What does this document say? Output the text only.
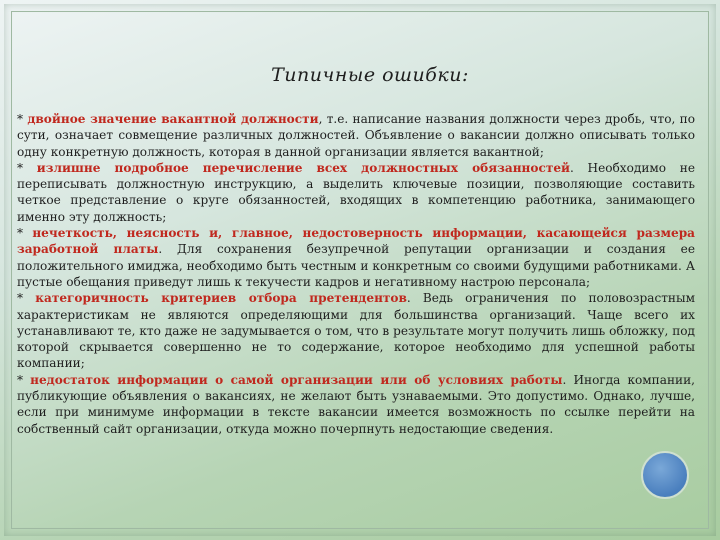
Типичные ошибки:

* двойное значение вакантной должности, т.е. написание названия должности через дробь, что, по сути, означает совмещение различных должностей. Объявление о вакансии должно описывать только одну конкретную должность, которая в данной организации является вакантной;

* излишне подробное перечисление всех должностных обязанностей. Необходимо не переписывать должностную инструкцию, а выделить ключевые позиции, позволяющие составить четкое представление о круге обязанностей, входящих в компетенцию работника, занимающего именно эту должность;

* нечеткость, неясность и, главное, недостоверность информации, касающейся размера заработной платы. Для сохранения безупречной репутации организации и создания ее положительного имиджа, необходимо быть честным и конкретным со своими будущими работниками. А пустые обещания приведут лишь к текучести кадров и негативному настрою персонала;

* категоричность критериев отбора претендентов. Ведь ограничения по половозрастным характеристикам не являются определяющими для большинства организаций. Чаще всего их устанавливают те, кто даже не задумывается о том, что в результате могут получить лишь обложку, под которой скрывается совершенно не то содержание, которое необходимо для успешной работы компании;

* недостаток информации о самой организации или об условиях работы. Иногда компании, публикующие объявления о вакансиях, не желают быть узнаваемыми. Это допустимо. Однако, лучше, если при минимуме информации в тексте вакансии имеется возможность по ссылке перейти на собственный сайт организации, откуда можно почерпнуть недостающие сведения.
